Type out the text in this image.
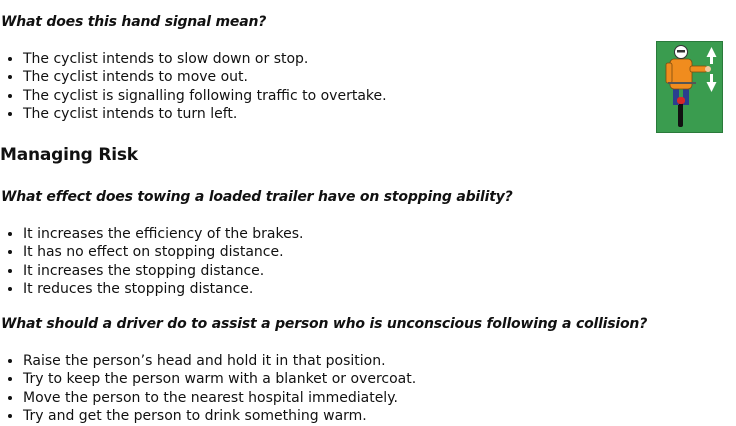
What does this hand signal mean?

• The cyclist intends to slow down or stop.
• The cyclist intends to move out.
• The cyclist is signalling following traffic to overtake.
• The cyclist intends to turn left.
Managing Risk

What effect does towing a loaded trailer have on stopping ability?

• It increases the efficiency of the brakes.
• It has no effect on stopping distance.
• It increases the stopping distance.
• It reduces the stopping distance.

What should a driver do to assist a person who is unconscious following a collision?

• Raise the person’s head and hold it in that position.
• Try to keep the person warm with a blanket or overcoat.
• Move the person to the nearest hospital immediately.
• Try and get the person to drink something warm.
